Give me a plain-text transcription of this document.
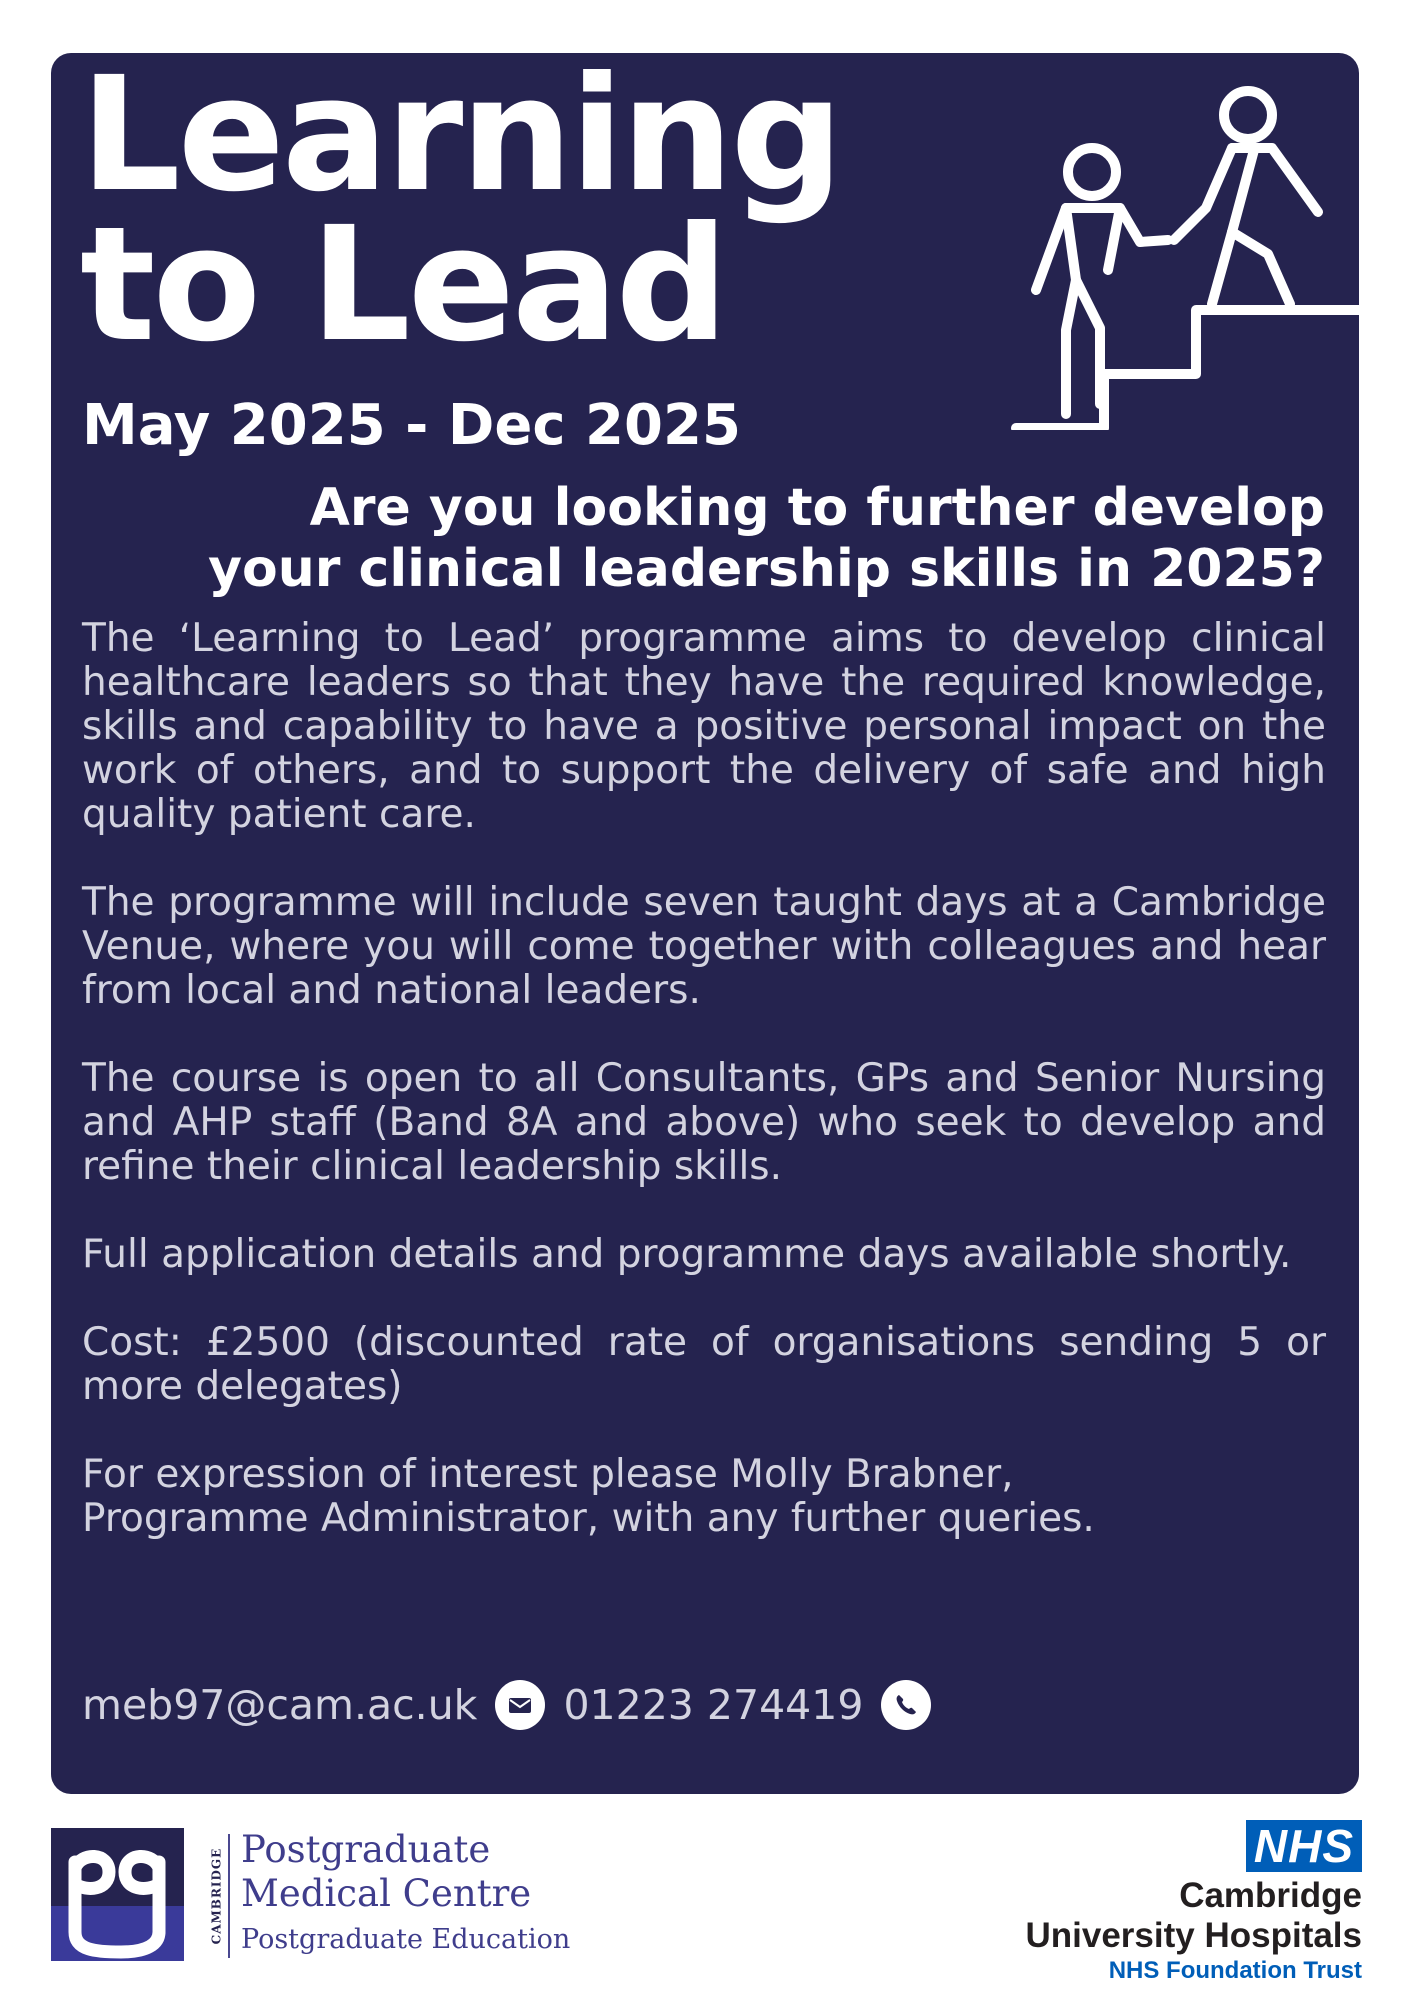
Learning
to Lead
May 2025 - Dec 2025
Are you looking to further develop
your clinical leadership skills in 2025?

The ‘Learning to Lead’ programme aims to develop clinical healthcare leaders so that they have the required knowledge, skills and capability to have a positive personal impact on the work of others, and to support the delivery of safe and high quality patient care.

The programme will include seven taught days at a Cambridge Venue, where you will come together with colleagues and hear from local and national leaders.

The course is open to all Consultants, GPs and Senior Nursing and AHP staff (Band 8A and above) who seek to develop and refine their clinical leadership skills.

Full application details and programme days available shortly.

Cost: £2500 (discounted rate of organisations sending 5 or more delegates)

For expression of interest please Molly Brabner,
Programme Administrator, with any further queries.

meb97@cam.ac.uk 01223 274419
CAMBRIDGE Postgraduate
Medical Centre
Postgraduate Education
NHS
Cambridge
University Hospitals
NHS Foundation Trust
